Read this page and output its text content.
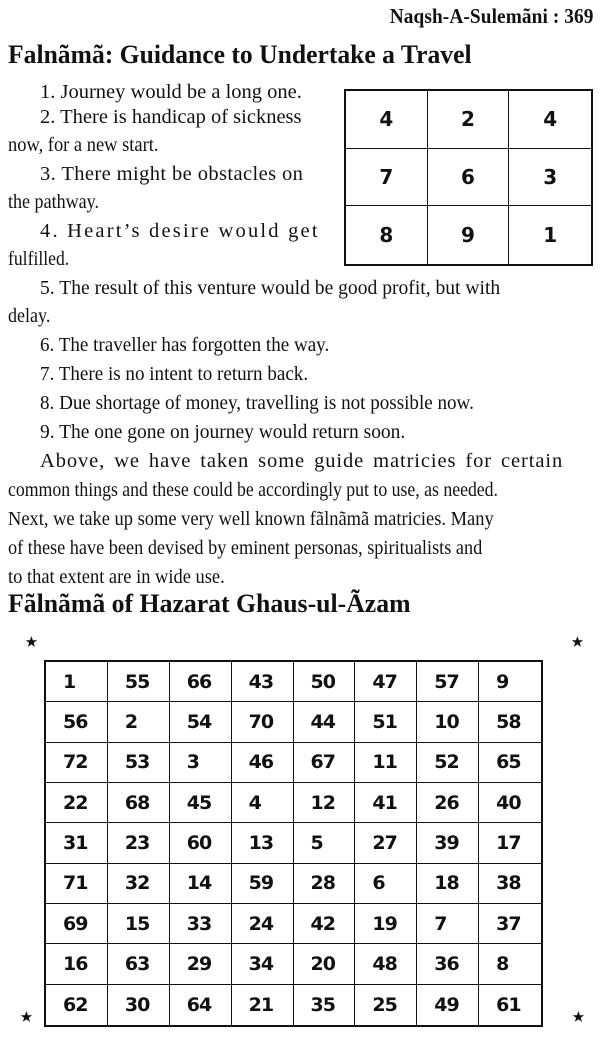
Naqsh-A-Sulemãni : 369
Falnãmã: Guidance to Undertake a Travel
1. Journey would be a long one.
2. There is handicap of sickness
now, for a new start.
3. There might be obstacles on
the pathway.
4. Heart’s desire would get
fulfilled.
4	2	4
7	6	3
8	9	1
5. The result of this venture would be good profit, but with
delay.
6. The traveller has forgotten the way.
7. There is no intent to return back.
8. Due shortage of money, travelling is not possible now.
9. The one gone on journey would return soon.
Above, we have taken some guide matricies for certain
common things and these could be accordingly put to use, as needed.
Next, we take up some very well known fãlnãmã matricies. Many
of these have been devised by eminent personas, spiritualists and
to that extent are in wide use.
Fãlnãmã of Hazarat Ghaus-ul-Ãzam
1	55	66	43	50	47	57	9
56	2	54	70	44	51	10	58
72	53	3	46	67	11	52	65
22	68	45	4	12	41	26	40
31	23	60	13	5	27	39	17
71	32	14	59	28	6	18	38
69	15	33	24	42	19	7	37
16	63	29	34	20	48	36	8
62	30	64	21	35	25	49	61
